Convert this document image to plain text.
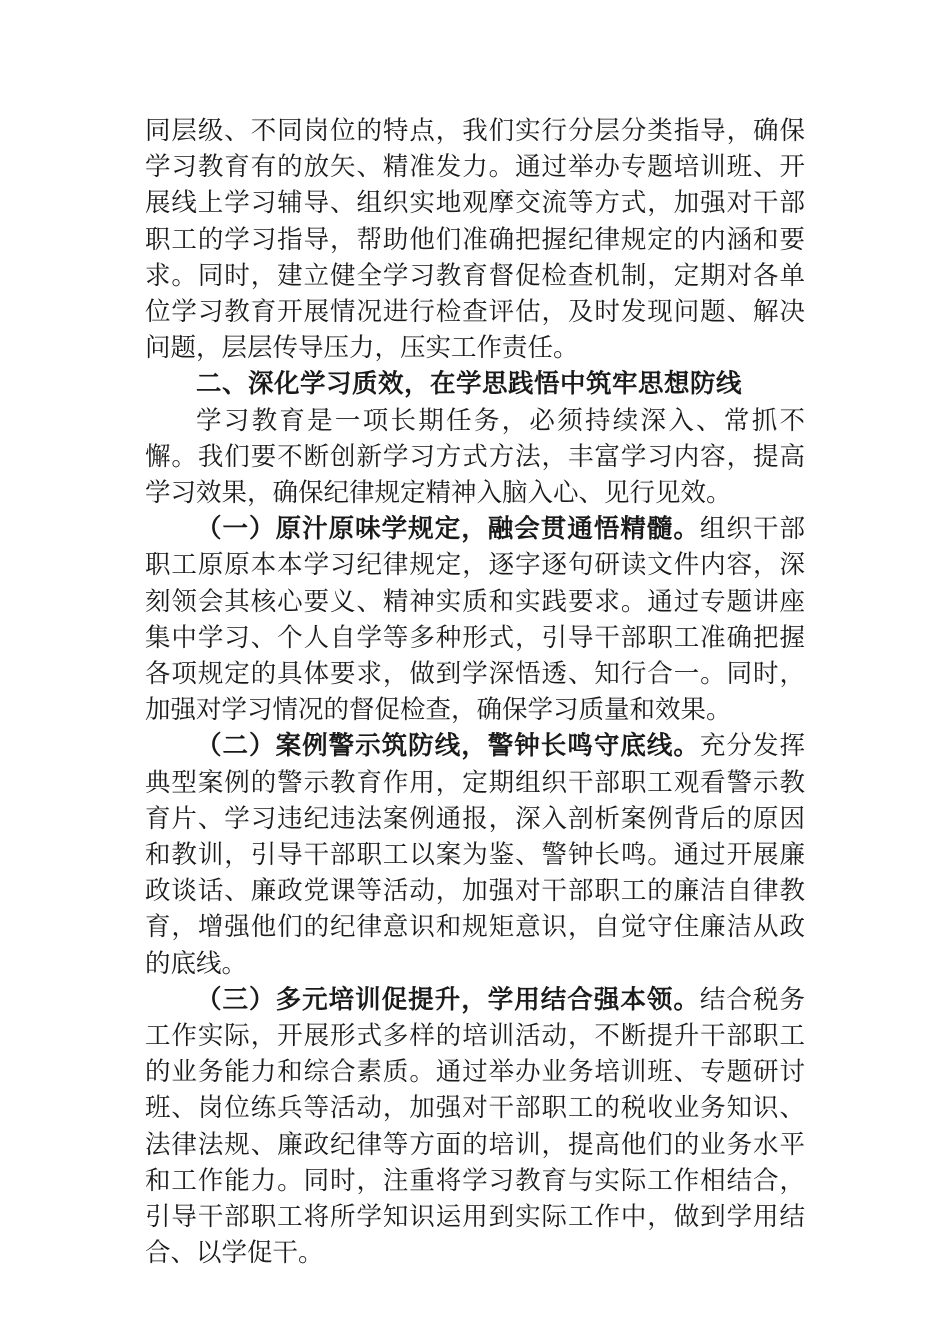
同层级、不同岗位的特点，我们实行分层分类指导，确保学习教育有的放矢、精准发力。通过举办专题培训班、开展线上学习辅导、组织实地观摩交流等方式，加强对干部职工的学习指导，帮助他们准确把握纪律规定的内涵和要求。同时，建立健全学习教育督促检查机制，定期对各单位学习教育开展情况进行检查评估，及时发现问题、解决问题，层层传导压力，压实工作责任。

二、深化学习质效，在学思践悟中筑牢思想防线

学习教育是一项长期任务，必须持续深入、常抓不懈。我们要不断创新学习方式方法，丰富学习内容，提高学习效果，确保纪律规定精神入脑入心、见行见效。

（一）原汁原味学规定，融会贯通悟精髓。组织干部职工原原本本学习纪律规定，逐字逐句研读文件内容，深刻领会其核心要义、精神实质和实践要求。通过专题讲座集中学习、个人自学等多种形式，引导干部职工准确把握各项规定的具体要求，做到学深悟透、知行合一。同时，加强对学习情况的督促检查，确保学习质量和效果。

（二）案例警示筑防线，警钟长鸣守底线。充分发挥典型案例的警示教育作用，定期组织干部职工观看警示教育片、学习违纪违法案例通报，深入剖析案例背后的原因和教训，引导干部职工以案为鉴、警钟长鸣。通过开展廉政谈话、廉政党课等活动，加强对干部职工的廉洁自律教育，增强他们的纪律意识和规矩意识，自觉守住廉洁从政的底线。

（三）多元培训促提升，学用结合强本领。结合税务工作实际，开展形式多样的培训活动，不断提升干部职工的业务能力和综合素质。通过举办业务培训班、专题研讨班、岗位练兵等活动，加强对干部职工的税收业务知识、法律法规、廉政纪律等方面的培训，提高他们的业务水平和工作能力。同时，注重将学习教育与实际工作相结合，引导干部职工将所学知识运用到实际工作中，做到学用结合、以学促干。
